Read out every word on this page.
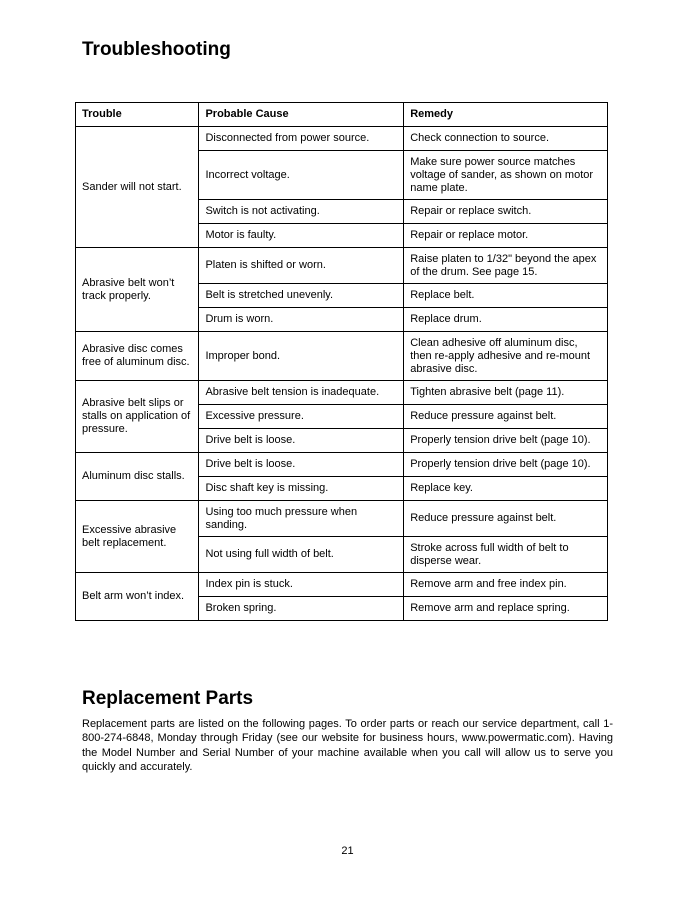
Troubleshooting
Trouble	Probable Cause	Remedy
Sander will not start.	Disconnected from power source.	Check connection to source.
	Incorrect voltage.	Make sure power source matches voltage of sander, as shown on motor name plate.
	Switch is not activating.	Repair or replace switch.
	Motor is faulty.	Repair or replace motor.
Abrasive belt won’t track properly.	Platen is shifted or worn.	Raise platen to 1/32" beyond the apex of the drum. See page 15.
	Belt is stretched unevenly.	Replace belt.
	Drum is worn.	Replace drum.
Abrasive disc comes free of aluminum disc.	Improper bond.	Clean adhesive off aluminum disc, then re-apply adhesive and re-mount abrasive disc.
Abrasive belt slips or stalls on application of pressure.	Abrasive belt tension is inadequate.	Tighten abrasive belt (page 11).
	Excessive pressure.	Reduce pressure against belt.
	Drive belt is loose.	Properly tension drive belt (page 10).
Aluminum disc stalls.	Drive belt is loose.	Properly tension drive belt (page 10).
	Disc shaft key is missing.	Replace key.
Excessive abrasive belt replacement.	Using too much pressure when sanding.	Reduce pressure against belt.
	Not using full width of belt.	Stroke across full width of belt to disperse wear.
Belt arm won’t index.	Index pin is stuck.	Remove arm and free index pin.
	Broken spring.	Remove arm and replace spring.
Replacement Parts

Replacement parts are listed on the following pages. To order parts or reach our service department, call 1-800-274-6848, Monday through Friday (see our website for business hours, www.powermatic.com). Having the Model Number and Serial Number of your machine available when you call will allow us to serve you quickly and accurately.

21
